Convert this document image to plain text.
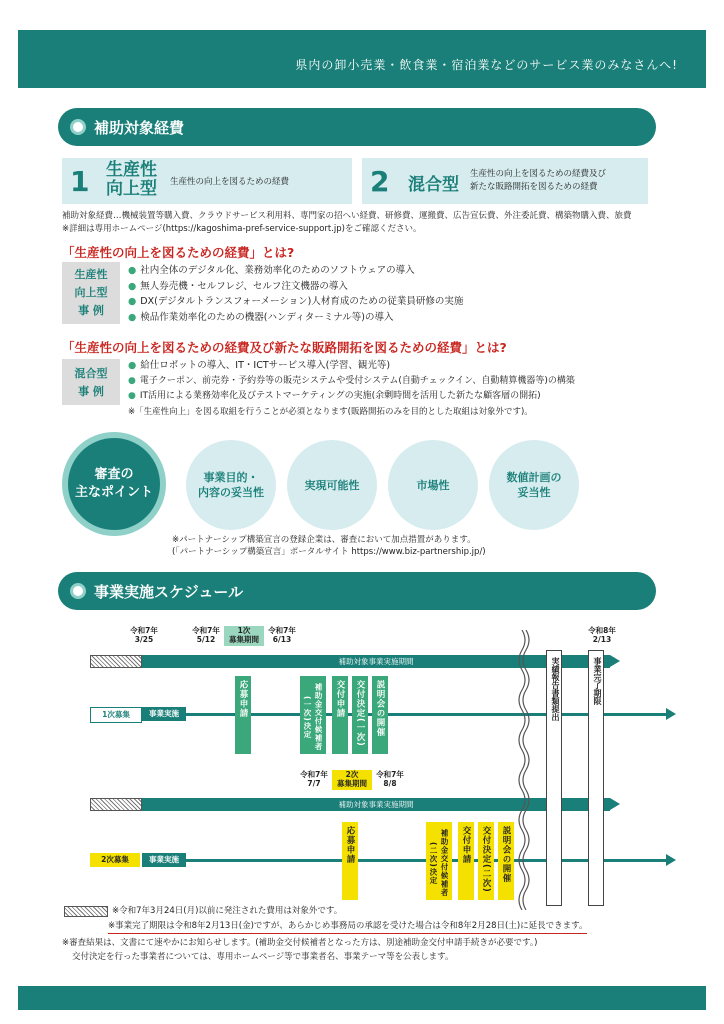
県内の卸小売業・飲食業・宿泊業などのサービス業のみなさんへ!
補助対象経費
1 生産性
向上型 生産性の向上を図るための経費	2 混合型
生産性の向上を図るための経費及び
新たな販路開拓を図るための経費
補助対象経費…機械装置等購入費、クラウドサービス利用料、専門家の招へい経費、研修費、運搬費、広告宣伝費、外注委託費、構築物購入費、旅費
※詳細は専用ホームページ(https://kagoshima-pref-service-support.jp)をご確認ください。
「生産性の向上を図るための経費」とは?
生産性
向上型
事 例
● 社内全体のデジタル化、業務効率化のためのソフトウェアの導入
● 無人券売機・セルフレジ、セルフ注文機器の導入
● DX(デジタルトランスフォーメーション)人材育成のための従業員研修の実施
● 検品作業効率化のための機器(ハンディターミナル等)の導入
「生産性の向上を図るための経費及び新たな販路開拓を図るための経費」とは?
混合型
事 例
● 給仕ロボットの導入、IT・ICTサービス導入(学習、観光等)
● 電子クーポン、前売券・予約券等の販売システムや受付システム(自動チェックイン、自動精算機器等)の構築
● IT活用による業務効率化及びテストマーケティングの実施(余剰時間を活用した新たな顧客層の開拓)
※「生産性向上」を図る取組を行うことが必須となります(販路開拓のみを目的とした取組は対象外です)。
審査の
主なポイント
事業目的・
内容の妥当性
実現可能性	市場性
数値計画の
妥当性
※パートナーシップ構築宣言の登録企業は、審査において加点措置があります。
(「パートナーシップ構築宣言」ポータルサイト https://www.biz-partnership.jp/)
事業実施スケジュール
令和7年
3/25
令和7年
5/12
1次
募集期間
令和7年
6/13
令和8年
2/13
補助対象事業実施期間
1次募集	事業実施	応募申請	補助金交付候補者(一次)決定	交付申請	交付決定(一次)	説明会の開催
令和7年
7/7
2次
募集期間
令和7年
8/8
補助対象事業実施期間
2次募集	事業実施	応募申請	補助金交付候補者(二次)決定	交付申請	交付決定(二次)	説明会の開催
実績報告書類提出	事業完了期限
※令和7年3月24日(月)以前に発注された費用は対象外です。
※事業完了期限は令和8年2月13日(金)ですが、あらかじめ事務局の承認を受けた場合は令和8年2月28日(土)に延長できます。
※審査結果は、文書にて速やかにお知らせします。(補助金交付候補者となった方は、別途補助金交付申請手続きが必要です。)
交付決定を行った事業者については、専用ホームページ等で事業者名、事業テーマ等を公表します。
